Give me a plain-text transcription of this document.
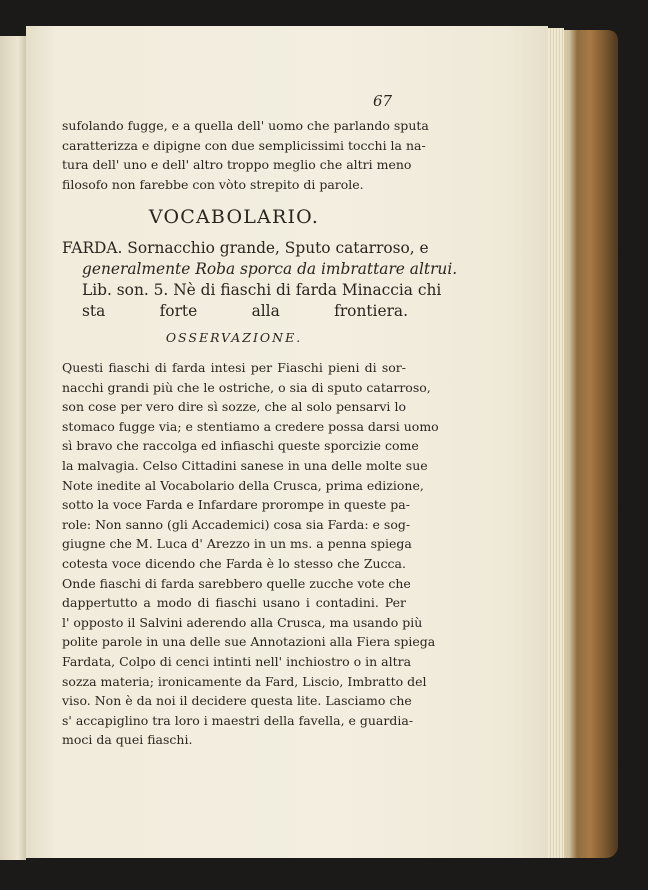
67
sufolando fugge, e a quella dell' uomo che parlando sputa
caratterizza e dipigne con due semplicissimi tocchi la na-
tura dell' uno e dell' altro troppo meglio che altri meno
filosofo non farebbe con vòto strepito di parole.
VOCABOLARIO.
FARDA. Sornacchio grande, Sputo catarroso, e
generalmente Roba sporca da imbrattare altrui.
Lib. son. 5. Nè di fiaschi di farda Minaccia chi
sta forte alla frontiera.
OSSERVAZIONE.
Questi fiaschi di farda intesi per Fiaschi pieni di sor-
nacchi grandi più che le ostriche, o sia di sputo catarroso,
son cose per vero dire sì sozze, che al solo pensarvi lo
stomaco fugge via; e stentiamo a credere possa darsi uomo
sì bravo che raccolga ed infiaschi queste sporcizie come
la malvagia. Celso Cittadini sanese in una delle molte sue
Note inedite al Vocabolario della Crusca, prima edizione,
sotto la voce Farda e Infardare prorompe in queste pa-
role: Non sanno (gli Accademici) cosa sia Farda: e sog-
giugne che M. Luca d' Arezzo in un ms. a penna spiega
cotesta voce dicendo che Farda è lo stesso che Zucca.
Onde fiaschi di farda sarebbero quelle zucche vote che
dappertutto a modo di fiaschi usano i contadini. Per
l' opposto il Salvini aderendo alla Crusca, ma usando più
polite parole in una delle sue Annotazioni alla Fiera spiega
Fardata, Colpo di cenci intinti nell' inchiostro o in altra
sozza materia; ironicamente da Fard, Liscio, Imbratto del
viso. Non è da noi il decidere questa lite. Lasciamo che
s' accapiglino tra loro i maestri della favella, e guardia-
moci da quei fiaschi.
